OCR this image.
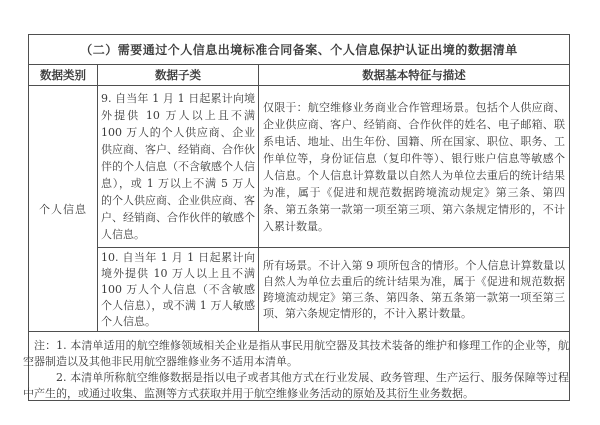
（二）需要通过个人信息出境标准合同备案、个人信息保护认证出境的数据清单
数据类别	数据子类	数据基本特征与描述
个人信息
9. 自当年 1 月 1 日起累计向境外提供 10 万人以上且不满 100 万人的个人供应商、企业供应商、客户、经销商、合作伙伴的个人信息（不含敏感个人信息），或 1 万以上不满 5 万人的个人供应商、企业供应商、客户、经销商、合作伙伴的敏感个人信息。
仅限于：航空维修业务商业合作管理场景。包括个人供应商、企业供应商、客户、经销商、合作伙伴的姓名、电子邮箱、联系电话、地址、出生年份、国籍、所在国家、职位、职务、工作单位等，身份证信息（复印件等）、银行账户信息等敏感个人信息。个人信息计算数量以自然人为单位去重后的统计结果为准，属于《促进和规范数据跨境流动规定》第三条、第四条、第五条第一款第一项至第三项、第六条规定情形的，不计入累计数量。
10. 自当年 1 月 1 日起累计向境外提供 10 万人以上且不满 100 万人个人信息（不含敏感个人信息），或不满 1 万人敏感个人信息。
所有场景。不计入第 9 项所包含的情形。个人信息计算数量以自然人为单位去重后的统计结果为准，属于《促进和规范数据跨境流动规定》第三条、第四条、第五条第一款第一项至第三项、第六条规定情形的，不计入累计数量。

注：1. 本清单适用的航空维修领域相关企业是指从事民用航空器及其技术装备的维护和修理工作的企业等，航空器制造以及其他非民用航空器维修业务不适用本清单。

2. 本清单所称航空维修数据是指以电子或者其他方式在行业发展、政务管理、生产运行、服务保障等过程中产生的，或通过收集、监测等方式获取并用于航空维修业务活动的原始及其衍生业务数据。
